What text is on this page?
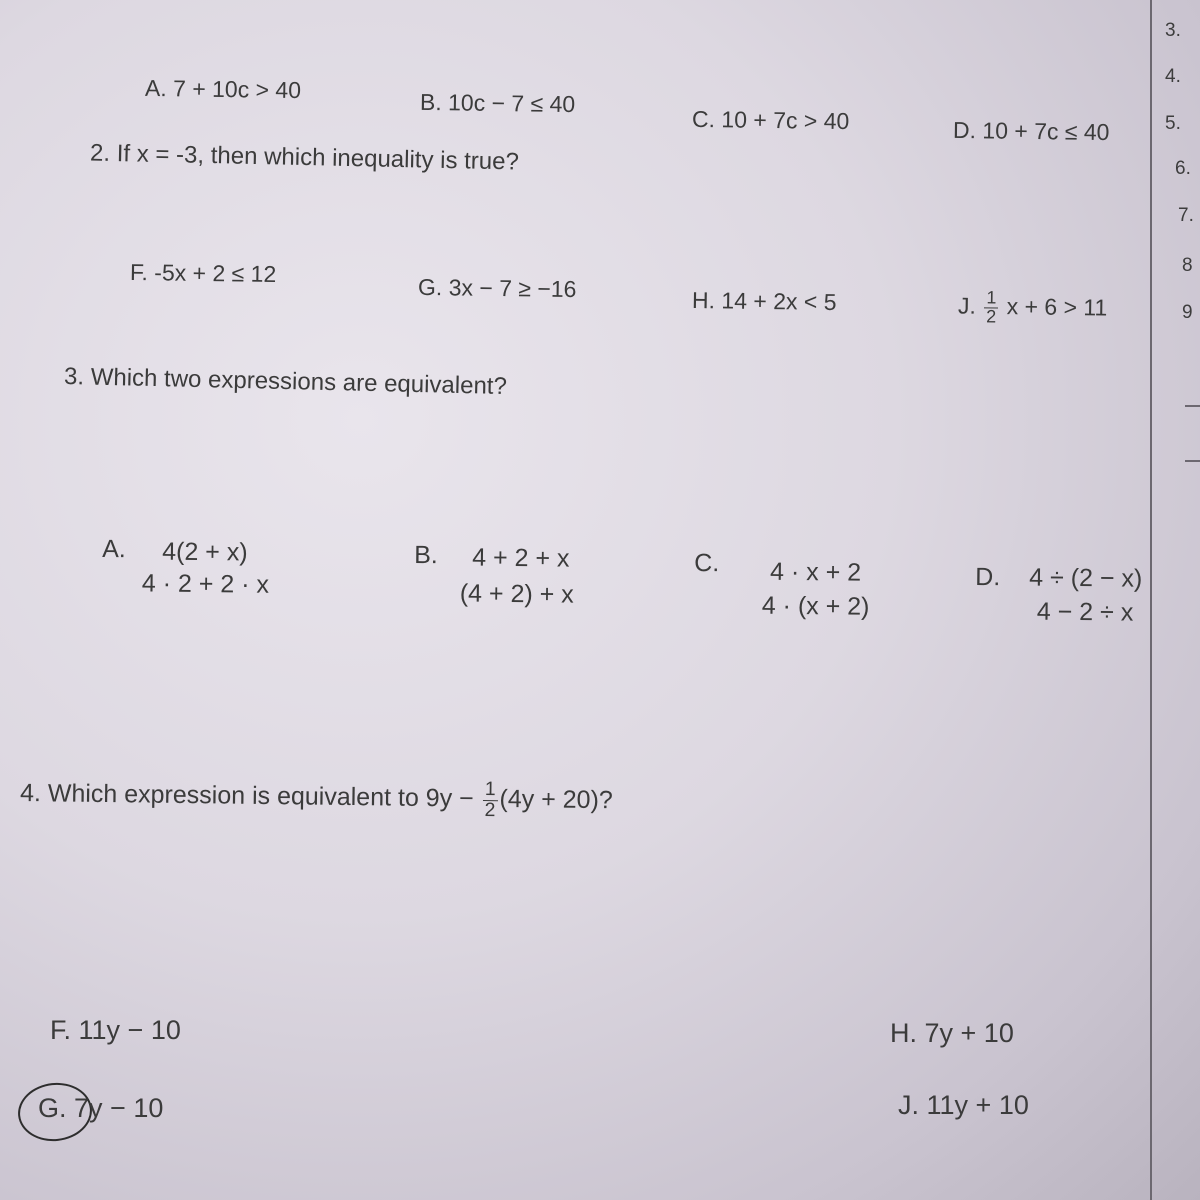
A. 7 + 10c > 40	B. 10c − 7 ≤ 40
C. 10 + 7c > 40	D. 10 + 7c ≤ 40
2. If x = -3, then which inequality is true?
F. -5x + 2 ≤ 12
G. 3x − 7 ≥ −16	H. 14 + 2x < 5	J. $\frac{1}{2}$ x + 6 > 11
3. Which two expressions are equivalent?
A. 4(2 + x)
4 · 2 + 2 · x
B. 4 + 2 + x
(4 + 2) + x
C. 4 · x + 2
4 · (x + 2)
D. 4 ÷ (2 − x)
4 − 2 ÷ x
4. Which expression is equivalent to $9y - \frac{1}{2} (4y + 20)$?
F. 11y − 10
G. 7y − 10
H. 7y + 10
J. 11y + 10
3.
4.
5.
6.
7.
8
9
